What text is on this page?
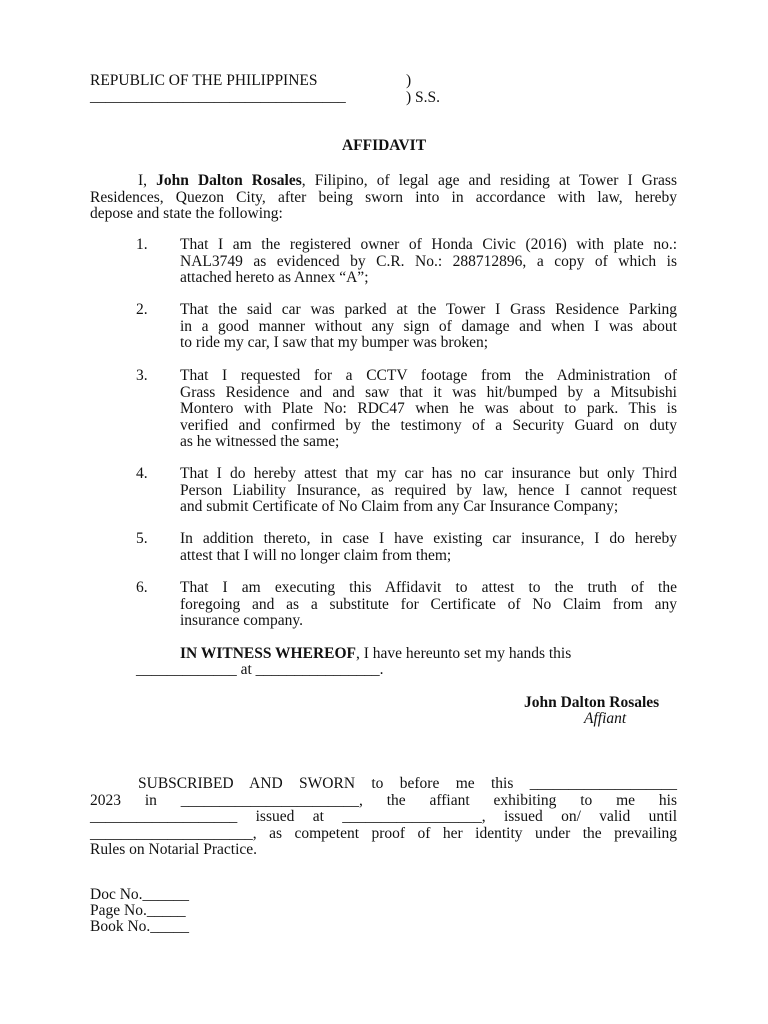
REPUBLIC OF THE PHILIPPINES	)
_________________________________	) S.S.
AFFIDAVIT
I, John Dalton Rosales, Filipino, of legal age and residing at Tower I Grass
Residences, Quezon City, after being sworn into in accordance with law, hereby
depose and state the following:
1. That I am the registered owner of Honda Civic (2016) with plate no.:
NAL3749 as evidenced by C.R. No.: 288712896, a copy of which is
attached hereto as Annex “A”;
2. That the said car was parked at the Tower I Grass Residence Parking
in a good manner without any sign of damage and when I was about
to ride my car, I saw that my bumper was broken;
3. That I requested for a CCTV footage from the Administration of
Grass Residence and and saw that it was hit/bumped by a Mitsubishi
Montero with Plate No: RDC47 when he was about to park. This is
verified and confirmed by the testimony of a Security Guard on duty
as he witnessed the same;
4. That I do hereby attest that my car has no car insurance but only Third
Person Liability Insurance, as required by law, hence I cannot request
and submit Certificate of No Claim from any Car Insurance Company;
5. In addition thereto, in case I have existing car insurance, I do hereby
attest that I will no longer claim from them;
6. That I am executing this Affidavit to attest to the truth of the
foregoing and as a substitute for Certificate of No Claim from any
insurance company.
IN WITNESS WHEREOF, I have hereunto set my hands this
_____________ at ________________.
John Dalton Rosales
Affiant
SUBSCRIBED AND SWORN to before me this ___________________
2023 in _______________________, the affiant exhibiting to me his
___________________ issued at __________________, issued on/ valid until
_____________________, as competent proof of her identity under the prevailing
Rules on Notarial Practice.
Doc No.______
Page No._____
Book No._____
